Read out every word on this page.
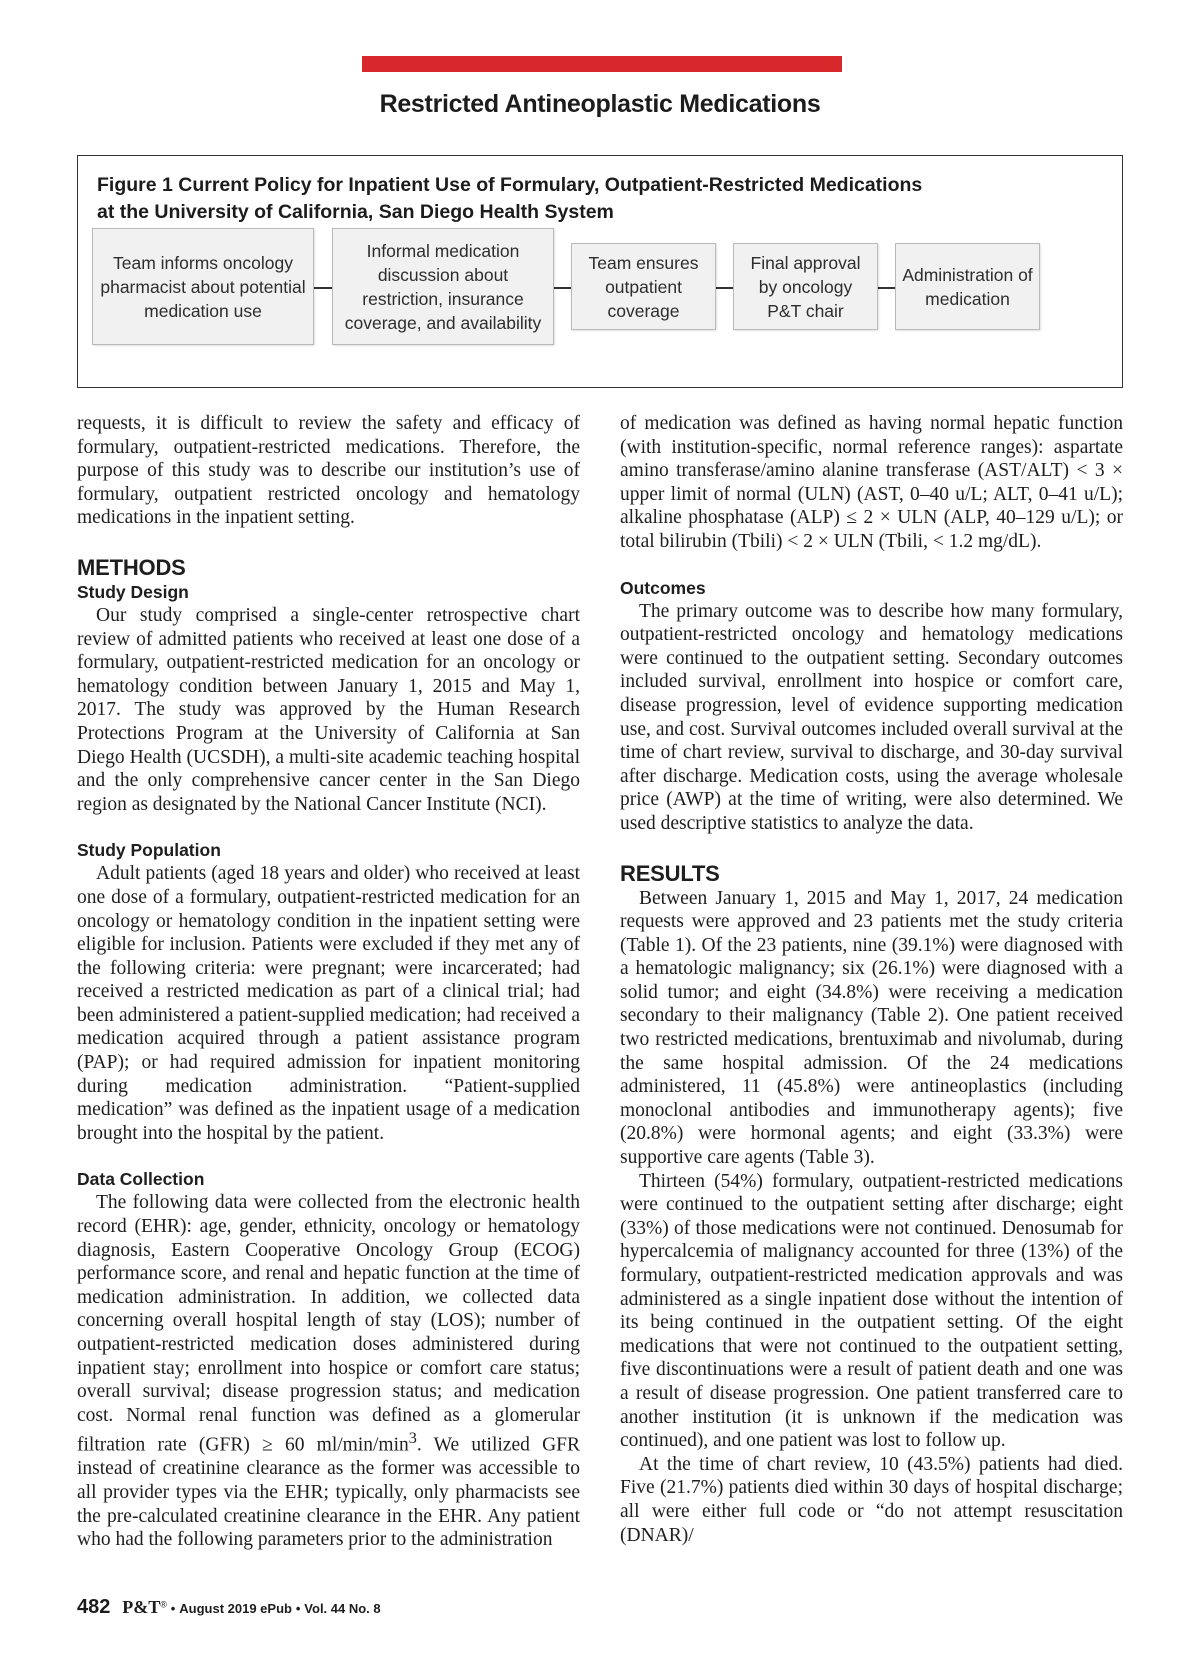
Restricted Antineoplastic Medications
Figure 1 Current Policy for Inpatient Use of Formulary, Outpatient-Restricted Medications
at the University of California, San Diego Health System
Team informs oncology pharmacist about potential medication use
Informal medication discussion about restriction, insurance coverage, and availability
Team ensures outpatient coverage
Final approval by oncology P&T chair
Administration of medication

requests, it is difficult to review the safety and efficacy of formulary, outpatient-restricted medications. Therefore, the purpose of this study was to describe our institution’s use of formulary, outpatient restricted oncology and hematology medications in the inpatient setting.

METHODS
Study Design

Our study comprised a single-center retrospective chart review of admitted patients who received at least one dose of a formulary, outpatient-restricted medication for an oncology or hematology condition between January 1, 2015 and May 1, 2017. The study was approved by the Human Research Protections Program at the University of California at San Diego Health (UCSDH), a multi-site academic teaching hospital and the only comprehensive cancer center in the San Diego region as designated by the National Cancer Institute (NCI).

Study Population

Adult patients (aged 18 years and older) who received at least one dose of a formulary, outpatient-restricted medication for an oncology or hematology condition in the inpatient setting were eligible for inclusion. Patients were excluded if they met any of the following criteria: were pregnant; were incarcerated; had received a restricted medication as part of a clinical trial; had been administered a patient-supplied medication; had received a medication acquired through a patient assistance program (PAP); or had required admission for inpatient monitoring during medication administration. “Patient-supplied medication” was defined as the inpatient usage of a medication brought into the hospital by the patient.

Data Collection

The following data were collected from the electronic health record (EHR): age, gender, ethnicity, oncology or hematology diagnosis, Eastern Cooperative Oncology Group (ECOG) performance score, and renal and hepatic function at the time of medication administration. In addition, we collected data concerning overall hospital length of stay (LOS); number of outpatient-restricted medication doses administered during inpatient stay; enrollment into hospice or comfort care status; overall survival; disease progression status; and medication cost. Normal renal function was defined as a glomerular filtration rate (GFR) ≥ 60 $ml/\min/\min^3$. We utilized GFR instead of creatinine clearance as the former was accessible to all provider types via the EHR; typically, only pharmacists see the pre-calculated creatinine clearance in the EHR. Any patient who had the following parameters prior to the administration

of medication was defined as having normal hepatic function (with institution-specific, normal reference ranges): aspartate amino transferase/amino alanine transferase (AST/ALT) < 3 × upper limit of normal (ULN) (AST, 0–40 u/L; ALT, 0–41 u/L); alkaline phosphatase (ALP) ≤ 2 × ULN (ALP, 40–129 u/L); or total bilirubin (Tbili) < 2 × ULN (Tbili, < 1.2 mg/dL).

Outcomes

The primary outcome was to describe how many formulary, outpatient-restricted oncology and hematology medications were continued to the outpatient setting. Secondary outcomes included survival, enrollment into hospice or comfort care, disease progression, level of evidence supporting medication use, and cost. Survival outcomes included overall survival at the time of chart review, survival to discharge, and 30-day survival after discharge. Medication costs, using the average wholesale price (AWP) at the time of writing, were also determined. We used descriptive statistics to analyze the data.

RESULTS

Between January 1, 2015 and May 1, 2017, 24 medication requests were approved and 23 patients met the study criteria (Table 1). Of the 23 patients, nine (39.1%) were diagnosed with a hematologic malignancy; six (26.1%) were diagnosed with a solid tumor; and eight (34.8%) were receiving a medication secondary to their malignancy (Table 2). One patient received two restricted medications, brentuximab and nivolumab, during the same hospital admission. Of the 24 medications administered, 11 (45.8%) were antineoplastics (including monoclonal antibodies and immunotherapy agents); five (20.8%) were hormonal agents; and eight (33.3%) were supportive care agents (Table 3).

Thirteen (54%) formulary, outpatient-restricted medications were continued to the outpatient setting after discharge; eight (33%) of those medications were not continued. Denosumab for hypercalcemia of malignancy accounted for three (13%) of the formulary, outpatient-restricted medication approvals and was administered as a single inpatient dose without the intention of its being continued in the outpatient setting. Of the eight medications that were not continued to the outpatient setting, five discontinuations were a result of patient death and one was a result of disease progression. One patient transferred care to another institution (it is unknown if the medication was continued), and one patient was lost to follow up.

At the time of chart review, 10 (43.5%) patients had died. Five (21.7%) patients died within 30 days of hospital discharge; all were either full code or “do not attempt resuscitation (DNAR)/

482 P&T® • August 2019 ePub • Vol. 44 No. 8
